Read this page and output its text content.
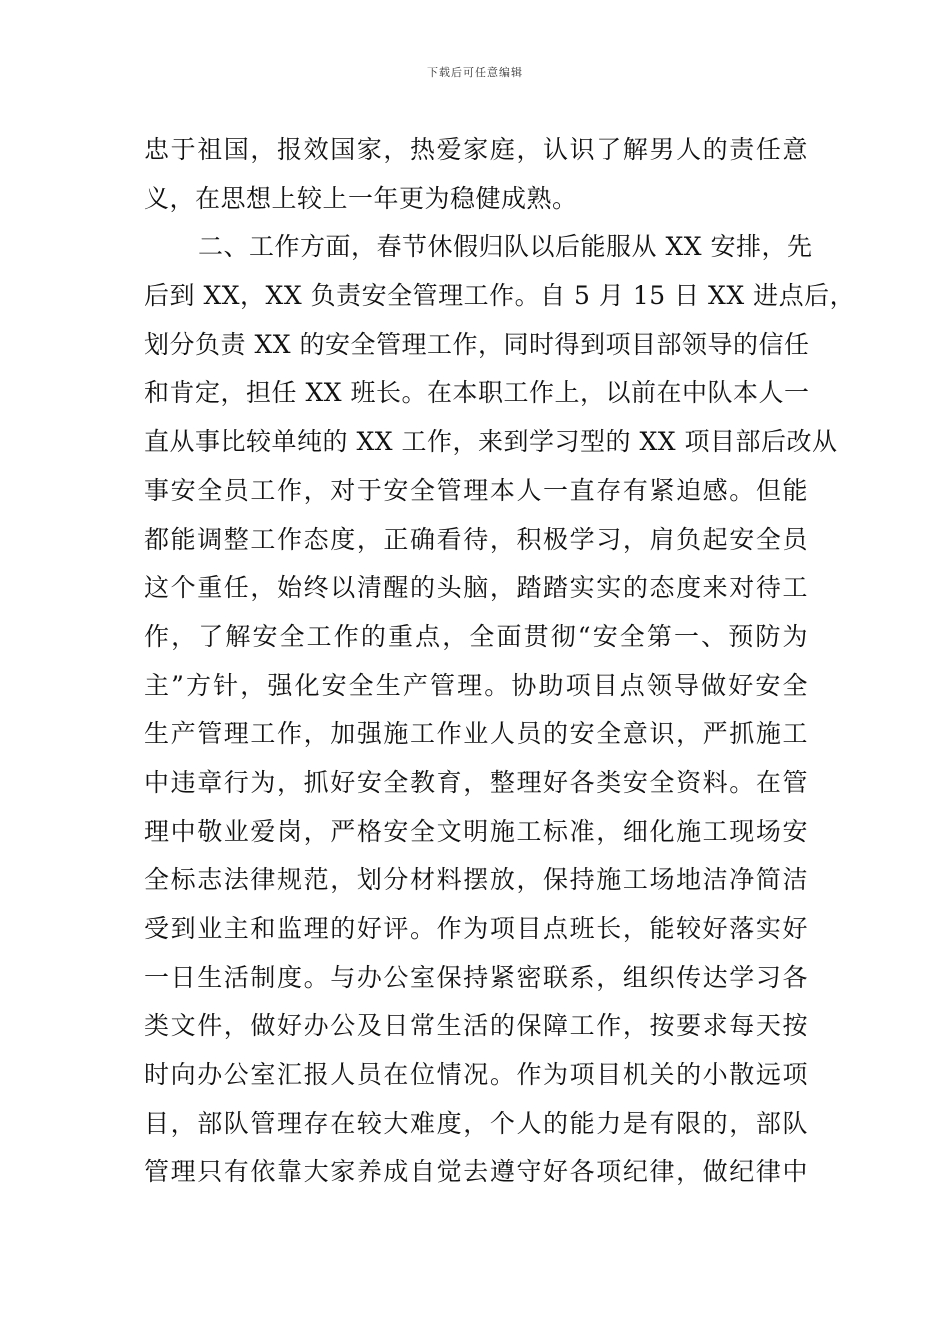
下载后可任意编辑
忠于祖国，报效国家，热爱家庭，认识了解男人的责任意
义，在思想上较上一年更为稳健成熟。
二、工作方面，春节休假归队以后能服从 XX 安排，先
后到 XX，XX 负责安全管理工作。自 5 月 15 日 XX 进点后，
划分负责 XX 的安全管理工作，同时得到项目部领导的信任
和肯定，担任 XX 班长。在本职工作上，以前在中队本人一
直从事比较单纯的 XX 工作，来到学习型的 XX 项目部后改从
事安全员工作，对于安全管理本人一直存有紧迫感。但能
都能调整工作态度，正确看待，积极学习，肩负起安全员
这个重任，始终以清醒的头脑，踏踏实实的态度来对待工
作，了解安全工作的重点，全面贯彻“安全第一、预防为
主”方针，强化安全生产管理。协助项目点领导做好安全
生产管理工作，加强施工作业人员的安全意识，严抓施工
中违章行为，抓好安全教育，整理好各类安全资料。在管
理中敬业爱岗，严格安全文明施工标准，细化施工现场安
全标志法律规范，划分材料摆放，保持施工场地洁净简洁
受到业主和监理的好评。作为项目点班长，能较好落实好
一日生活制度。与办公室保持紧密联系，组织传达学习各
类文件，做好办公及日常生活的保障工作，按要求每天按
时向办公室汇报人员在位情况。作为项目机关的小散远项
目，部队管理存在较大难度，个人的能力是有限的，部队
管理只有依靠大家养成自觉去遵守好各项纪律，做纪律中
